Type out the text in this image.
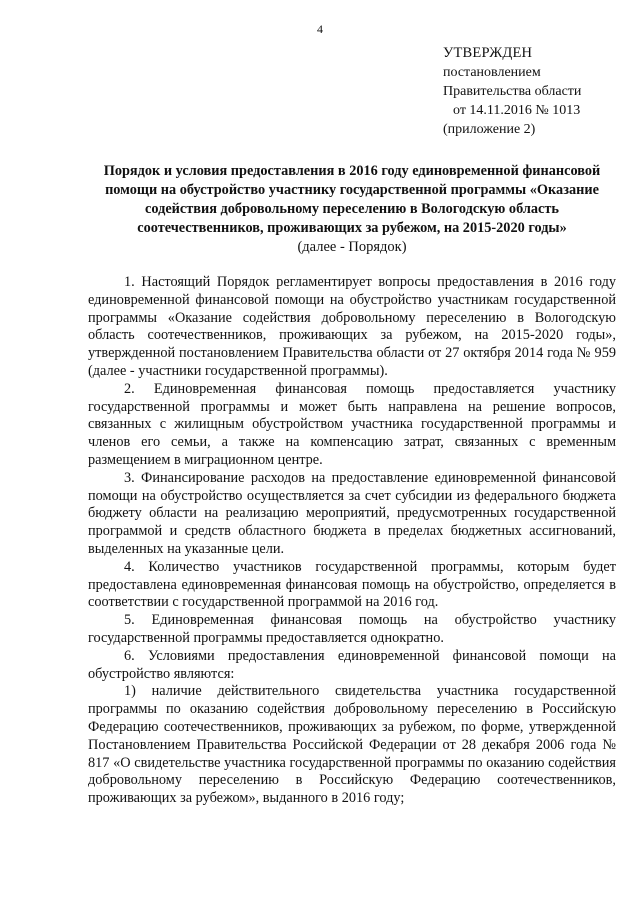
4
УТВЕРЖДЕН
постановлением
Правительства области
от 14.11.2016 № 1013
(приложение 2)
Порядок и условия предоставления в 2016 году единовременной финансовой помощи на обустройство участнику государственной программы «Оказание содействия добровольному переселению в Вологодскую область соотечественников, проживающих за рубежом, на 2015-2020 годы»
(далее - Порядок)

1. Настоящий Порядок регламентирует вопросы предоставления в 2016 году единовременной финансовой помощи на обустройство участникам государственной программы «Оказание содействия добровольному переселению в Вологодскую область соотечественников, проживающих за рубежом, на 2015-2020 годы», утвержденной постановлением Правительства области от 27 октября 2014 года № 959 (далее - участники государственной программы).

2. Единовременная финансовая помощь предоставляется участнику государственной программы и может быть направлена на решение вопросов, связанных с жилищным обустройством участника государственной программы и членов его семьи, а также на компенсацию затрат, связанных с временным размещением в миграционном центре.

3. Финансирование расходов на предоставление единовременной финансовой помощи на обустройство осуществляется за счет субсидии из федерального бюджета бюджету области на реализацию мероприятий, предусмотренных государственной программой и средств областного бюджета в пределах бюджетных ассигнований, выделенных на указанные цели.

4. Количество участников государственной программы, которым будет предоставлена единовременная финансовая помощь на обустройство, определяется в соответствии с государственной программой на 2016 год.

5. Единовременная финансовая помощь на обустройство участнику государственной программы предоставляется однократно.

6. Условиями предоставления единовременной финансовой помощи на обустройство являются:

1) наличие действительного свидетельства участника государственной программы по оказанию содействия добровольному переселению в Российскую Федерацию соотечественников, проживающих за рубежом, по форме, утвержденной Постановлением Правительства Российской Федерации от 28 декабря 2006 года № 817 «О свидетельстве участника государственной программы по оказанию содействия добровольному переселению в Российскую Федерацию соотечественников, проживающих за рубежом», выданного в 2016 году;
